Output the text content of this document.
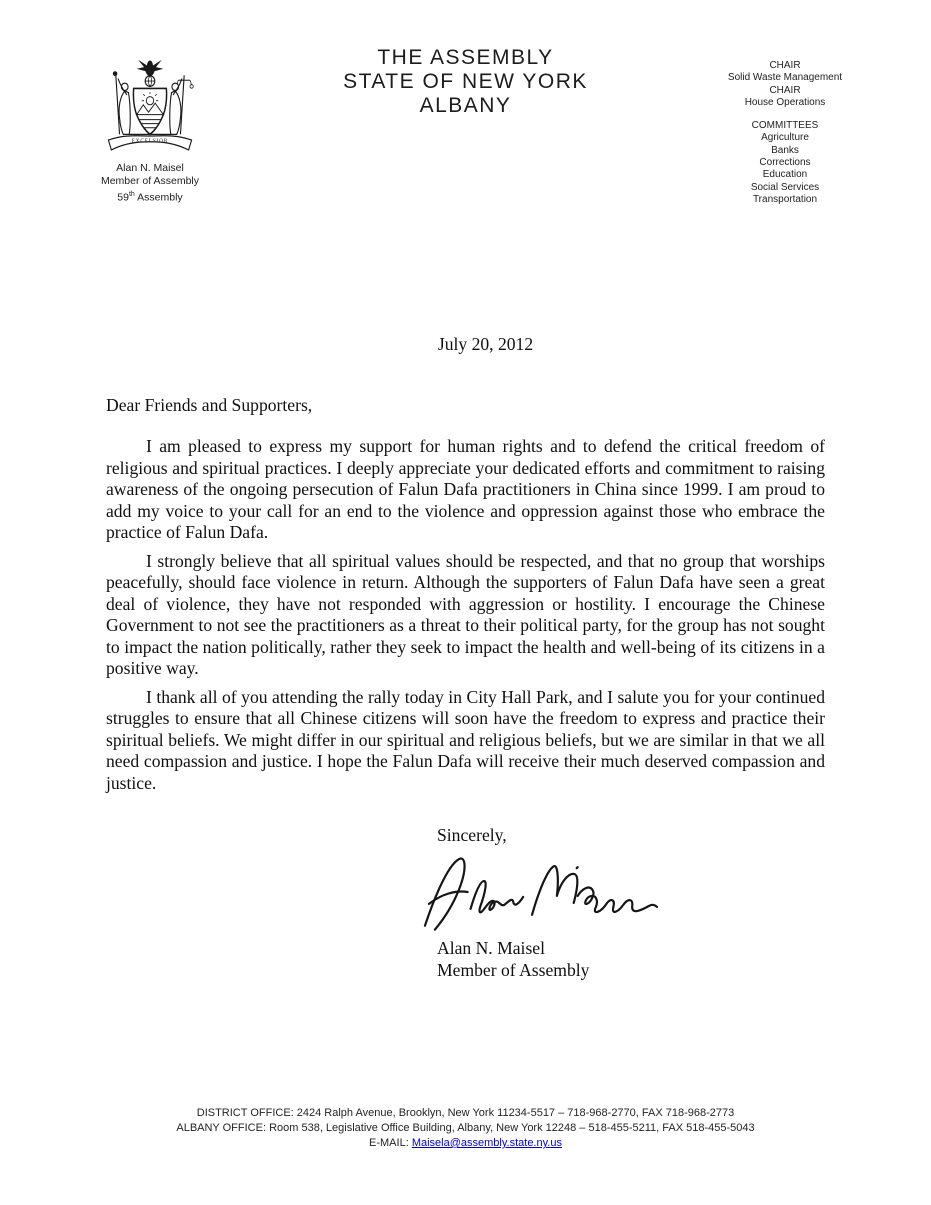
EXCELSIOR
Alan N. Maisel
Member of Assembly
59th Assembly
THE ASSEMBLY
STATE OF NEW YORK
ALBANY
CHAIR
Solid Waste Management
CHAIR
House Operations
COMMITTEES
Agriculture
Banks
Corrections
Education
Social Services
Transportation
July 20, 2012
Dear Friends and Supporters,

I am pleased to express my support for human rights and to defend the critical freedom of religious and spiritual practices. I deeply appreciate your dedicated efforts and commitment to raising awareness of the ongoing persecution of Falun Dafa practitioners in China since 1999. I am proud to add my voice to your call for an end to the violence and oppression against those who embrace the practice of Falun Dafa.

I strongly believe that all spiritual values should be respected, and that no group that worships peacefully, should face violence in return. Although the supporters of Falun Dafa have seen a great deal of violence, they have not responded with aggression or hostility. I encourage the Chinese Government to not see the practitioners as a threat to their political party, for the group has not sought to impact the nation politically, rather they seek to impact the health and well-being of its citizens in a positive way.

I thank all of you attending the rally today in City Hall Park, and I salute you for your continued struggles to ensure that all Chinese citizens will soon have the freedom to express and practice their spiritual beliefs. We might differ in our spiritual and religious beliefs, but we are similar in that we all need compassion and justice. I hope the Falun Dafa will receive their much deserved compassion and justice.

Sincerely,
Alan N. Maisel
Member of Assembly
DISTRICT OFFICE: 2424 Ralph Avenue, Brooklyn, New York 11234-5517 – 718-968-2770, FAX 718-968-2773
ALBANY OFFICE: Room 538, Legislative Office Building, Albany, New York 12248 – 518-455-5211, FAX 518-455-5043
E-MAIL: Maisela@assembly.state.ny.us
